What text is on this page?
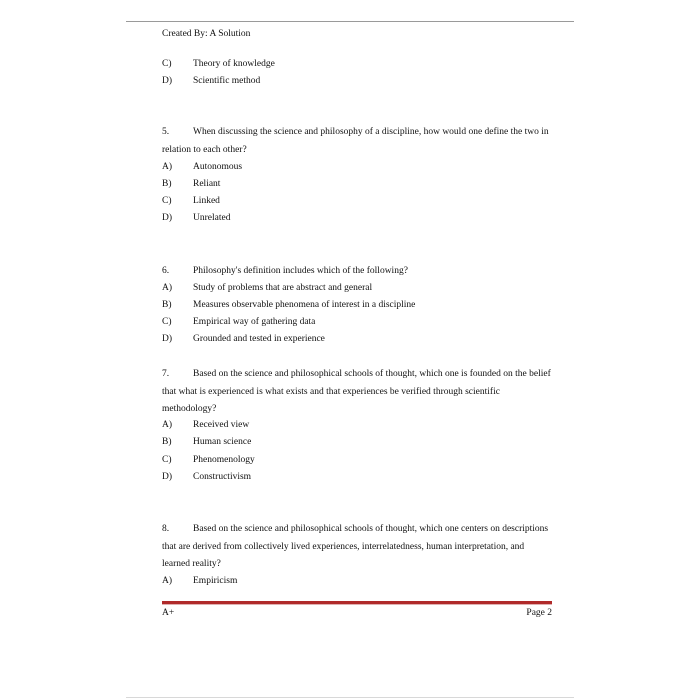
Created By: A Solution
C) Theory of knowledge
D) Scientific method
5.	When discussing the science and philosophy of a discipline, how would one define the two in relation to each other?
A) Autonomous
B) Reliant
C) Linked
D) Unrelated
6.	Philosophy's definition includes which of the following?
A) Study of problems that are abstract and general
B) Measures observable phenomena of interest in a discipline
C) Empirical way of gathering data
D) Grounded and tested in experience
7.	Based on the science and philosophical schools of thought, which one is founded on the belief that what is experienced is what exists and that experiences be verified through scientific methodology?
A) Received view
B) Human science
C) Phenomenology
D) Constructivism
8.	Based on the science and philosophical schools of thought, which one centers on descriptions that are derived from collectively lived experiences, interrelatedness, human interpretation, and learned reality?
A) Empiricism
A+	Page 2
